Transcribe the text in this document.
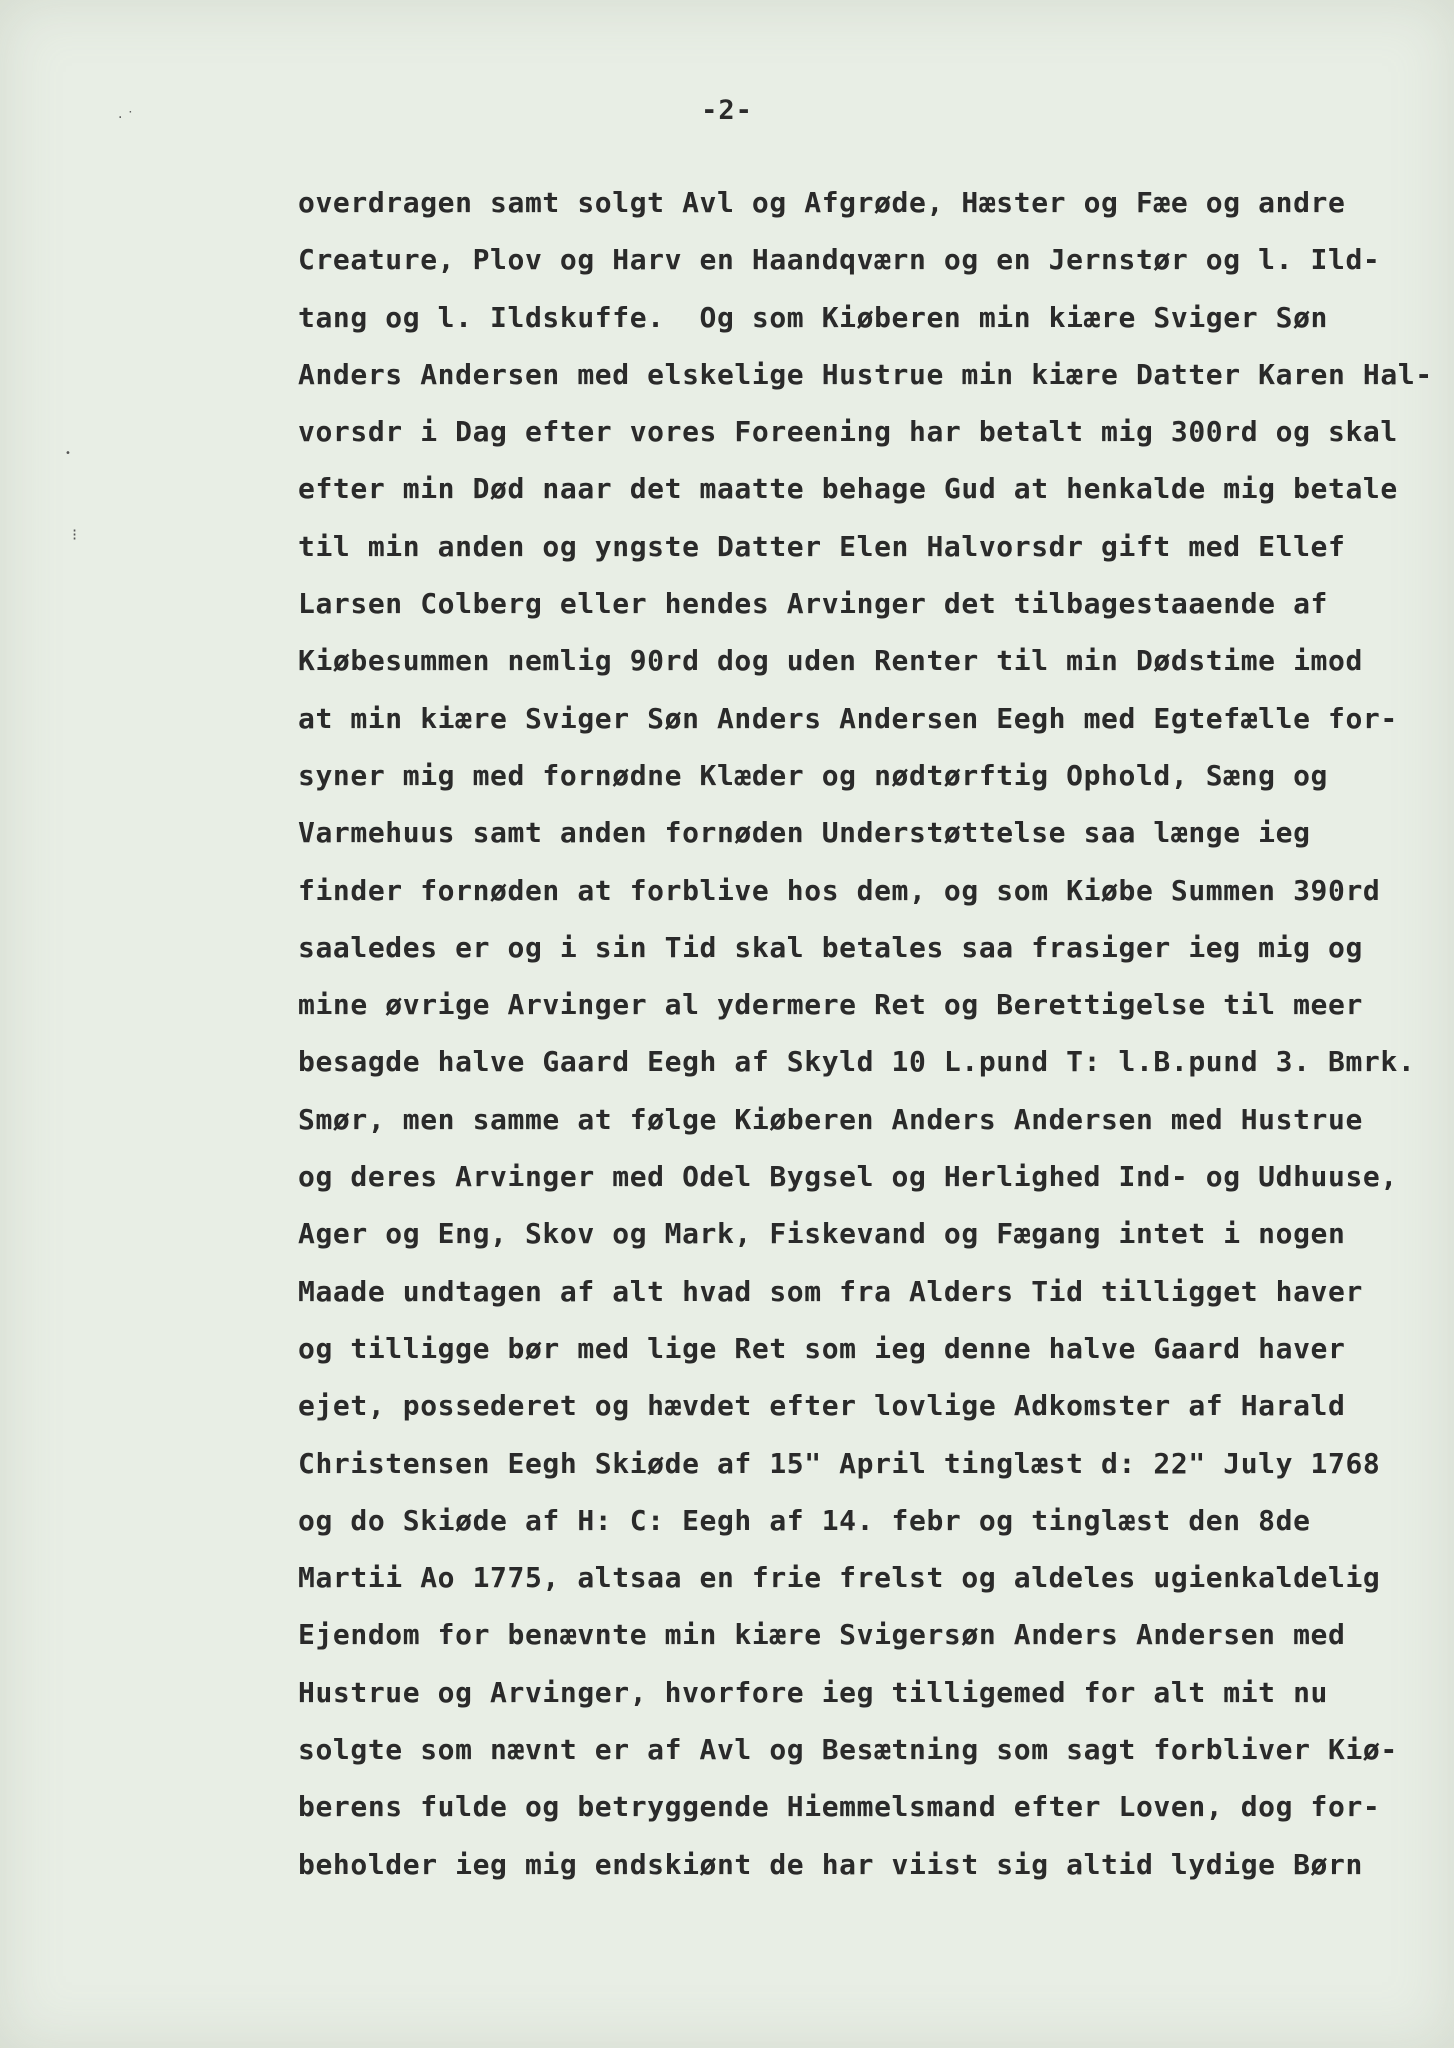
· ˙
•
⁝
-2-
overdragen samt solgt Avl og Afgrøde, Hæster og Fæe og andre
Creature, Plov og Harv en Haandqværn og en Jernstør og l. Ild-
tang og l. Ildskuffe.  Og som Kiøberen min kiære Sviger Søn
Anders Andersen med elskelige Hustrue min kiære Datter Karen Hal-
vorsdr i Dag efter vores Foreening har betalt mig 300rd og skal
efter min Død naar det maatte behage Gud at henkalde mig betale
til min anden og yngste Datter Elen Halvorsdr gift med Ellef
Larsen Colberg eller hendes Arvinger det tilbagestaaende af
Kiøbesummen nemlig 90rd dog uden Renter til min Dødstime imod
at min kiære Sviger Søn Anders Andersen Eegh med Egtefælle for-
syner mig med fornødne Klæder og nødtørftig Ophold, Sæng og
Varmehuus samt anden fornøden Understøttelse saa længe ieg
finder fornøden at forblive hos dem, og som Kiøbe Summen 390rd
saaledes er og i sin Tid skal betales saa frasiger ieg mig og
mine øvrige Arvinger al ydermere Ret og Berettigelse til meer
besagde halve Gaard Eegh af Skyld 10 L.pund T: l.B.pund 3. Bmrk.
Smør, men samme at følge Kiøberen Anders Andersen med Hustrue
og deres Arvinger med Odel Bygsel og Herlighed Ind- og Udhuuse,
Ager og Eng, Skov og Mark, Fiskevand og Fægang intet i nogen
Maade undtagen af alt hvad som fra Alders Tid tilligget haver
og tilligge bør med lige Ret som ieg denne halve Gaard haver
ejet, possederet og hævdet efter lovlige Adkomster af Harald
Christensen Eegh Skiøde af 15" April tinglæst d: 22" July 1768
og do Skiøde af H: C: Eegh af 14. febr og tinglæst den 8de
Martii Ao 1775, altsaa en frie frelst og aldeles ugienkaldelig
Ejendom for benævnte min kiære Svigersøn Anders Andersen med
Hustrue og Arvinger, hvorfore ieg tilligemed for alt mit nu
solgte som nævnt er af Avl og Besætning som sagt forbliver Kiø-
berens fulde og betryggende Hiemmelsmand efter Loven, dog for-
beholder ieg mig endskiønt de har viist sig altid lydige Børn
